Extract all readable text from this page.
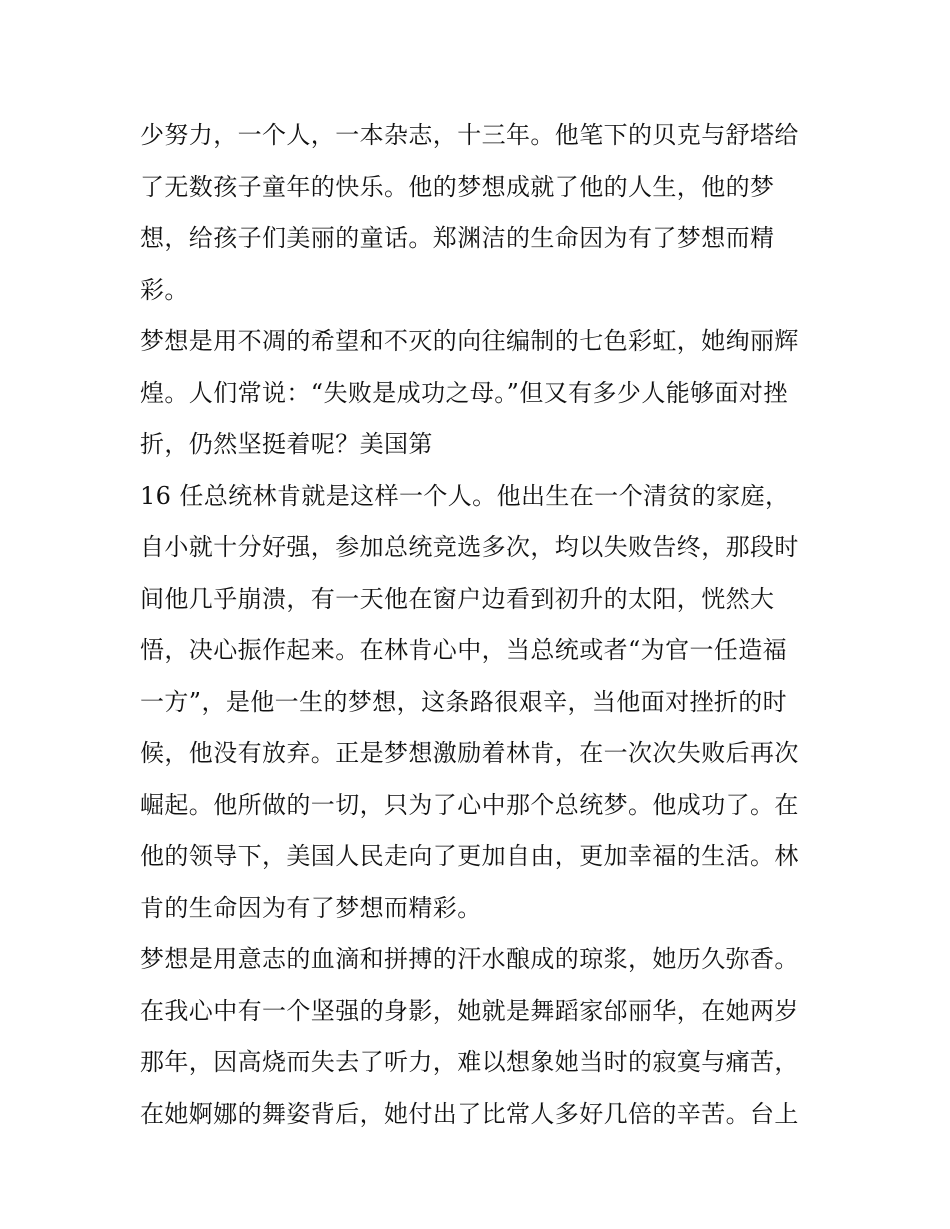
少努力，一个人，一本杂志，十三年。他笔下的贝克与舒塔给
了无数孩子童年的快乐。他的梦想成就了他的人生，他的梦
想，给孩子们美丽的童话。郑渊洁的生命因为有了梦想而精
彩。
梦想是用不凋的希望和不灭的向往编制的七色彩虹，她绚丽辉
煌。人们常说：“失败是成功之母。”但又有多少人能够面对挫
折，仍然坚挺着呢？美国第
16 任总统林肯就是这样一个人。他出生在一个清贫的家庭，
自小就十分好强，参加总统竞选多次，均以失败告终，那段时
间他几乎崩溃，有一天他在窗户边看到初升的太阳，恍然大
悟，决心振作起来。在林肯心中，当总统或者“为官一任造福
一方”，是他一生的梦想，这条路很艰辛，当他面对挫折的时
候，他没有放弃。正是梦想激励着林肯，在一次次失败后再次
崛起。他所做的一切，只为了心中那个总统梦。他成功了。在
他的领导下，美国人民走向了更加自由，更加幸福的生活。林
肯的生命因为有了梦想而精彩。
梦想是用意志的血滴和拼搏的汗水酿成的琼浆，她历久弥香。
在我心中有一个坚强的身影，她就是舞蹈家邰丽华，在她两岁
那年，因高烧而失去了听力，难以想象她当时的寂寞与痛苦，
在她婀娜的舞姿背后，她付出了比常人多好几倍的辛苦。台上
